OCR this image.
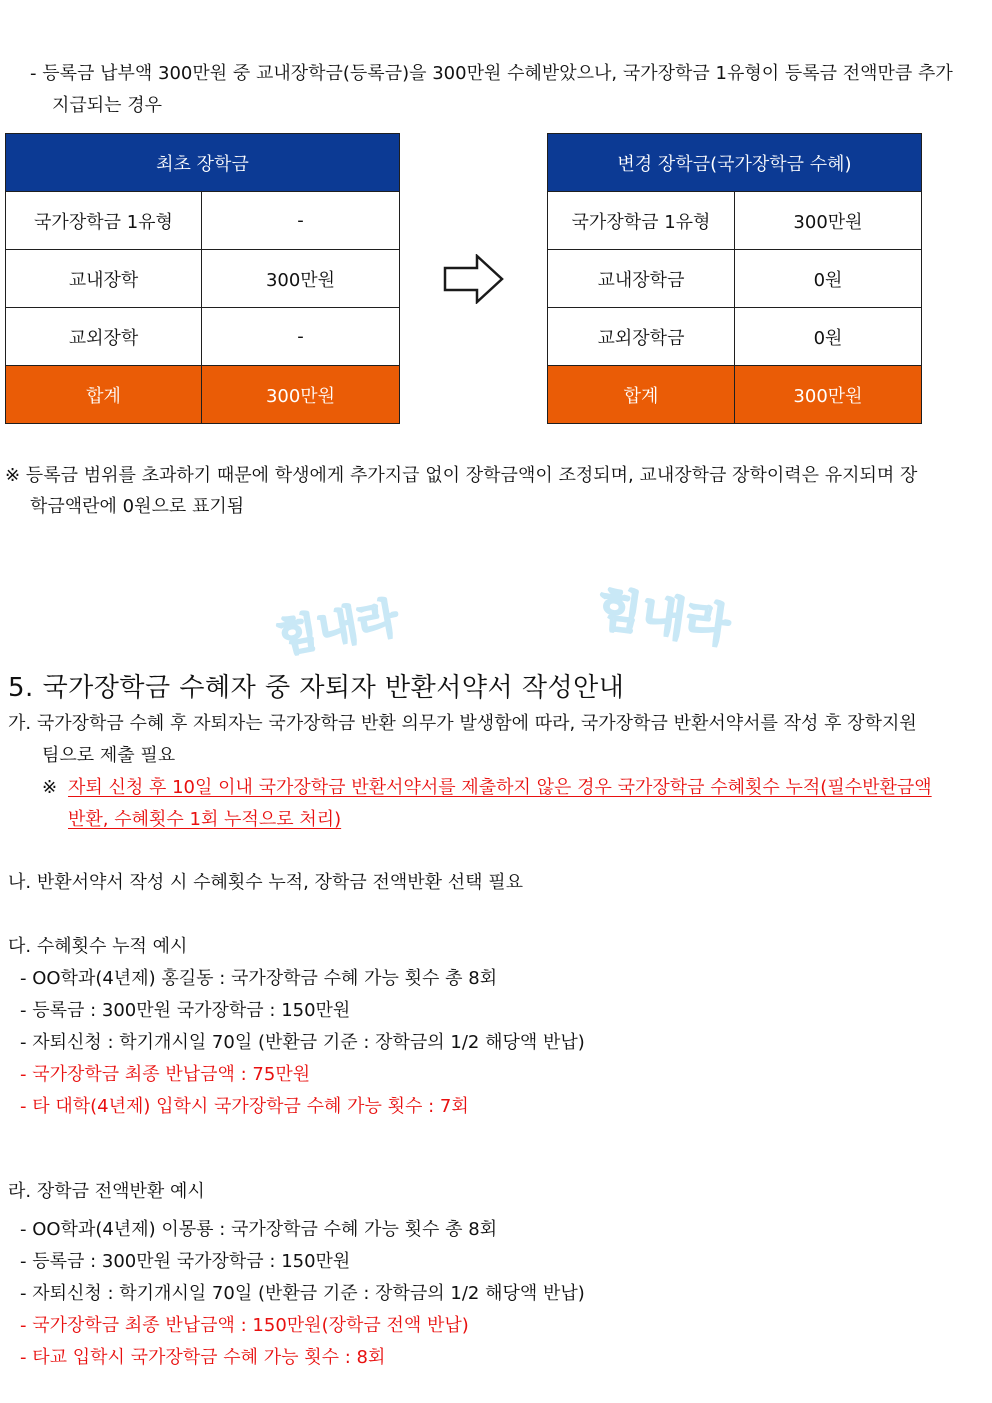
- 등록금 납부액 300만원 중 교내장학금(등록금)을 300만원 수혜받았으나, 국가장학금 1유형이 등록금 전액만큼 추가
지급되는 경우
최초 장학금	
국가장학금 1유형	-
교내장학	300만원
교외장학	-
합계	300만원
변경 장학금(국가장학금 수혜)	
국가장학금 1유형	300만원
교내장학금	0원
교외장학금	0원
합계	300만원
※ 등록금 범위를 초과하기 때문에 학생에게 추가지급 없이 장학금액이 조정되며, 교내장학금 장학이력은 유지되며 장
학금액란에 0원으로 표기됨
힘내라	힘내라
5. 국가장학금 수혜자 중 자퇴자 반환서약서 작성안내
가. 국가장학금 수혜 후 자퇴자는 국가장학금 반환 의무가 발생함에 따라, 국가장학금 반환서약서를 작성 후 장학지원
팀으로 제출 필요
※ 자퇴 신청 후 10일 이내 국가장학금 반환서약서를 제출하지 않은 경우 국가장학금 수혜횟수 누적(필수반환금액
반환, 수혜횟수 1회 누적으로 처리)
나. 반환서약서 작성 시 수혜횟수 누적, 장학금 전액반환 선택 필요
다. 수혜횟수 누적 예시
- OO학과(4년제) 홍길동 : 국가장학금 수혜 가능 횟수 총 8회
- 등록금 : 300만원 국가장학금 : 150만원
- 자퇴신청 : 학기개시일 70일 (반환금 기준 : 장학금의 1/2 해당액 반납)
- 국가장학금 최종 반납금액 : 75만원
- 타 대학(4년제) 입학시 국가장학금 수혜 가능 횟수 : 7회
라. 장학금 전액반환 예시
- OO학과(4년제) 이몽룡 : 국가장학금 수혜 가능 횟수 총 8회
- 등록금 : 300만원 국가장학금 : 150만원
- 자퇴신청 : 학기개시일 70일 (반환금 기준 : 장학금의 1/2 해당액 반납)
- 국가장학금 최종 반납금액 : 150만원(장학금 전액 반납)
- 타교 입학시 국가장학금 수혜 가능 횟수 : 8회
